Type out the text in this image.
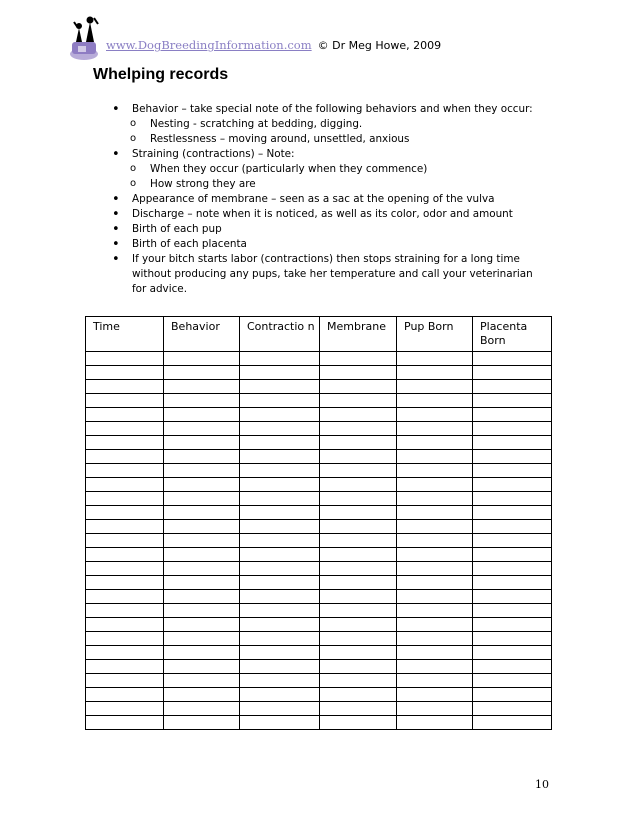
www.DogBreedingInformation.com © Dr Meg Howe, 2009
Whelping records
• Behavior – take special note of the following behaviors and when they occur:
o Nesting - scratching at bedding, digging.
o Restlessness – moving around, unsettled, anxious
• Straining (contractions) – Note:
o When they occur (particularly when they commence)
o How strong they are
• Appearance of membrane – seen as a sac at the opening of the vulva
• Discharge – note when it is noticed, as well as its color, odor and amount
• Birth of each pup
• Birth of each placenta
• If your bitch starts labor (contractions) then stops straining for a long time without producing any pups, take her temperature and call your veterinarian for advice.
Time	Behavior	Contractio n	Membrane	Pup Born	Placenta Born

10
